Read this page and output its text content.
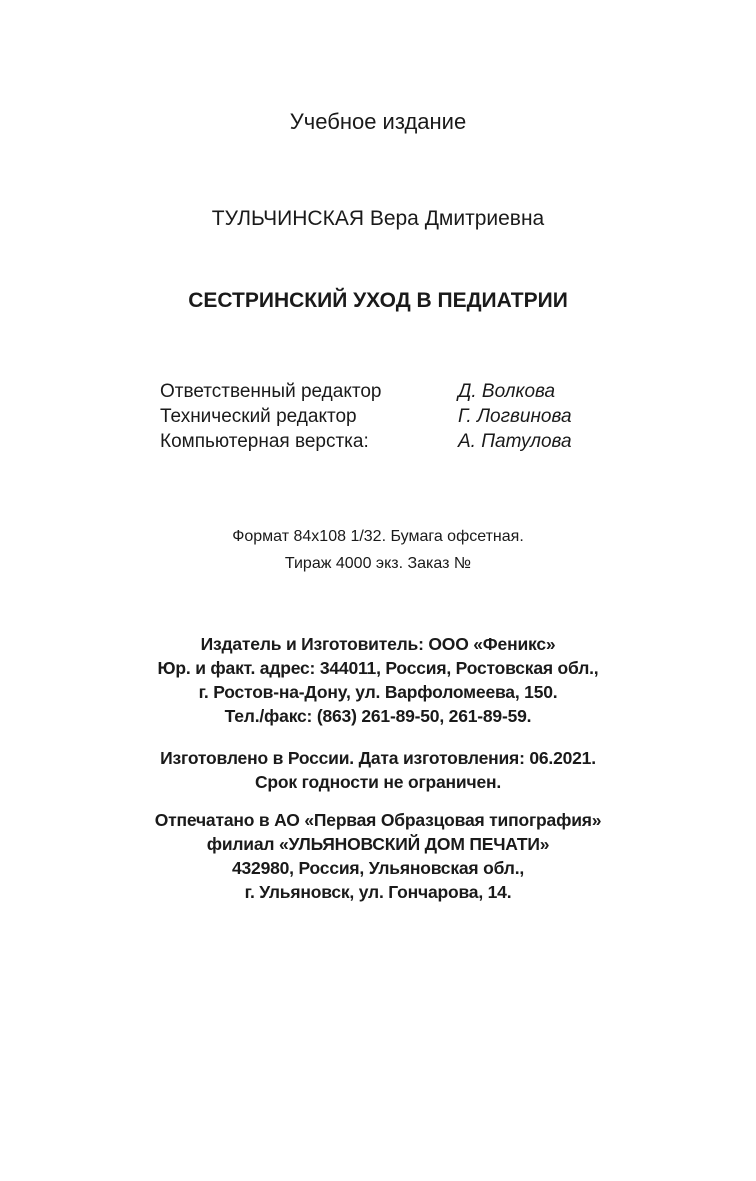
Учебное издание
ТУЛЬЧИНСКАЯ Вера Дмитриевна
СЕСТРИНСКИЙ УХОД В ПЕДИАТРИИ
Ответственный редактор	Д. Волкова
Технический редактор	Г. Логвинова
Компьютерная верстка:	А. Патулова
Формат 84х108 1/32. Бумага офсетная.
Тираж 4000 экз. Заказ №
Издатель и Изготовитель: ООО «Феникс»
Юр. и факт. адрес: 344011, Россия, Ростовская обл.,
г. Ростов-на-Дону, ул. Варфоломеева, 150.
Тел./факс: (863) 261-89-50, 261-89-59.
Изготовлено в России. Дата изготовления: 06.2021.
Срок годности не ограничен.
Отпечатано в АО «Первая Образцовая типография»
филиал «УЛЬЯНОВСКИЙ ДОМ ПЕЧАТИ»
432980, Россия, Ульяновская обл.,
г. Ульяновск, ул. Гончарова, 14.
